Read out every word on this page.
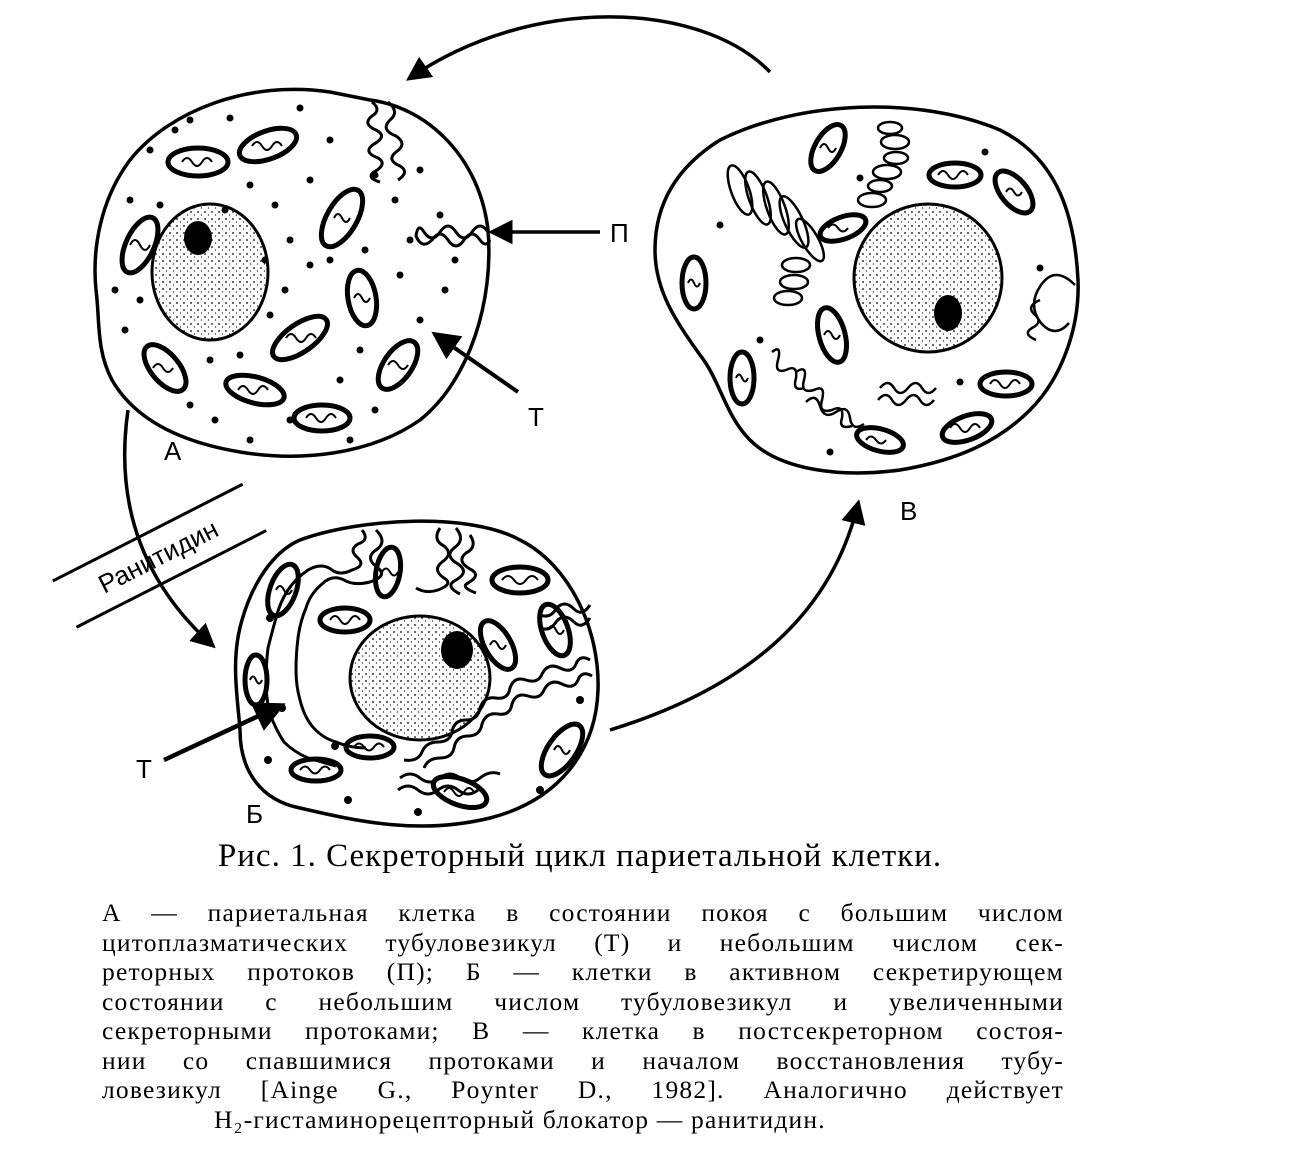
Ранитидин
А
Б
В
П
Т
Т
Рис. 1. Секреторный цикл париетальной клетки.
А — париетальная клетка в состоянии покоя с большим числом
цитоплазматических тубуловезикул (Т) и небольшим числом сек-
реторных протоков (П); Б — клетки в активном секретирующем
состоянии с небольшим числом тубуловезикул и увеличенными
секреторными протоками; В — клетка в постсекреторном состоя-
нии со спавшимися протоками и началом восстановления тубу-
ловезикул [Ainge G., Poynter D., 1982]. Аналогично действует
H₂-гистаминорецепторный блокатор — ранитидин.
